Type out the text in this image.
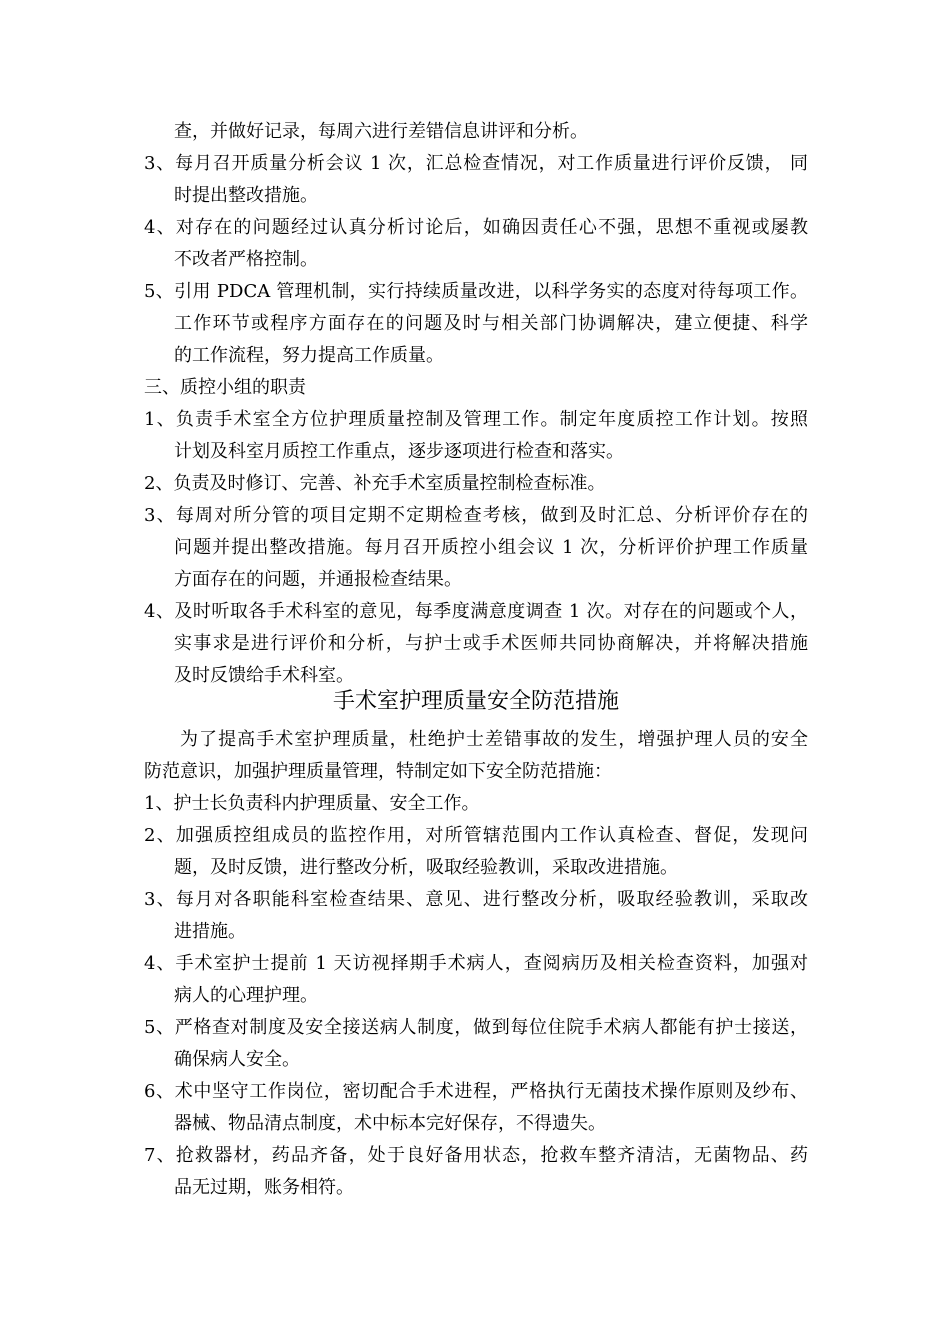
查，并做好记录，每周六进行差错信息讲评和分析。
3、每月召开质量分析会议 1 次，汇总检查情况，对工作质量进行评价反馈， 同
时提出整改措施。
4、对存在的问题经过认真分析讨论后，如确因责任心不强，思想不重视或屡教
不改者严格控制。
5、引用 PDCA 管理机制，实行持续质量改进，以科学务实的态度对待每项工作。
工作环节或程序方面存在的问题及时与相关部门协调解决，建立便捷、科学
的工作流程，努力提高工作质量。
三、质控小组的职责
1、负责手术室全方位护理质量控制及管理工作。制定年度质控工作计划。按照
计划及科室月质控工作重点，逐步逐项进行检查和落实。
2、负责及时修订、完善、补充手术室质量控制检查标准。
3、每周对所分管的项目定期不定期检查考核，做到及时汇总、分析评价存在的
问题并提出整改措施。每月召开质控小组会议 1 次，分析评价护理工作质量
方面存在的问题，并通报检查结果。
4、及时听取各手术科室的意见，每季度满意度调查 1 次。对存在的问题或个人，
实事求是进行评价和分析，与护士或手术医师共同协商解决，并将解决措施
及时反馈给手术科室。
手术室护理质量安全防范措施
为了提高手术室护理质量，杜绝护士差错事故的发生，增强护理人员的安全
防范意识，加强护理质量管理，特制定如下安全防范措施：
1、护士长负责科内护理质量、安全工作。
2、加强质控组成员的监控作用，对所管辖范围内工作认真检查、督促，发现问
题，及时反馈，进行整改分析，吸取经验教训，采取改进措施。
3、每月对各职能科室检查结果、意见、进行整改分析，吸取经验教训，采取改
进措施。
4、手术室护士提前 1 天访视择期手术病人，查阅病历及相关检查资料，加强对
病人的心理护理。
5、严格查对制度及安全接送病人制度，做到每位住院手术病人都能有护士接送，
确保病人安全。
6、术中坚守工作岗位，密切配合手术进程，严格执行无菌技术操作原则及纱布、
器械、物品清点制度，术中标本完好保存，不得遗失。
7、抢救器材，药品齐备，处于良好备用状态，抢救车整齐清洁，无菌物品、药
品无过期，账务相符。
